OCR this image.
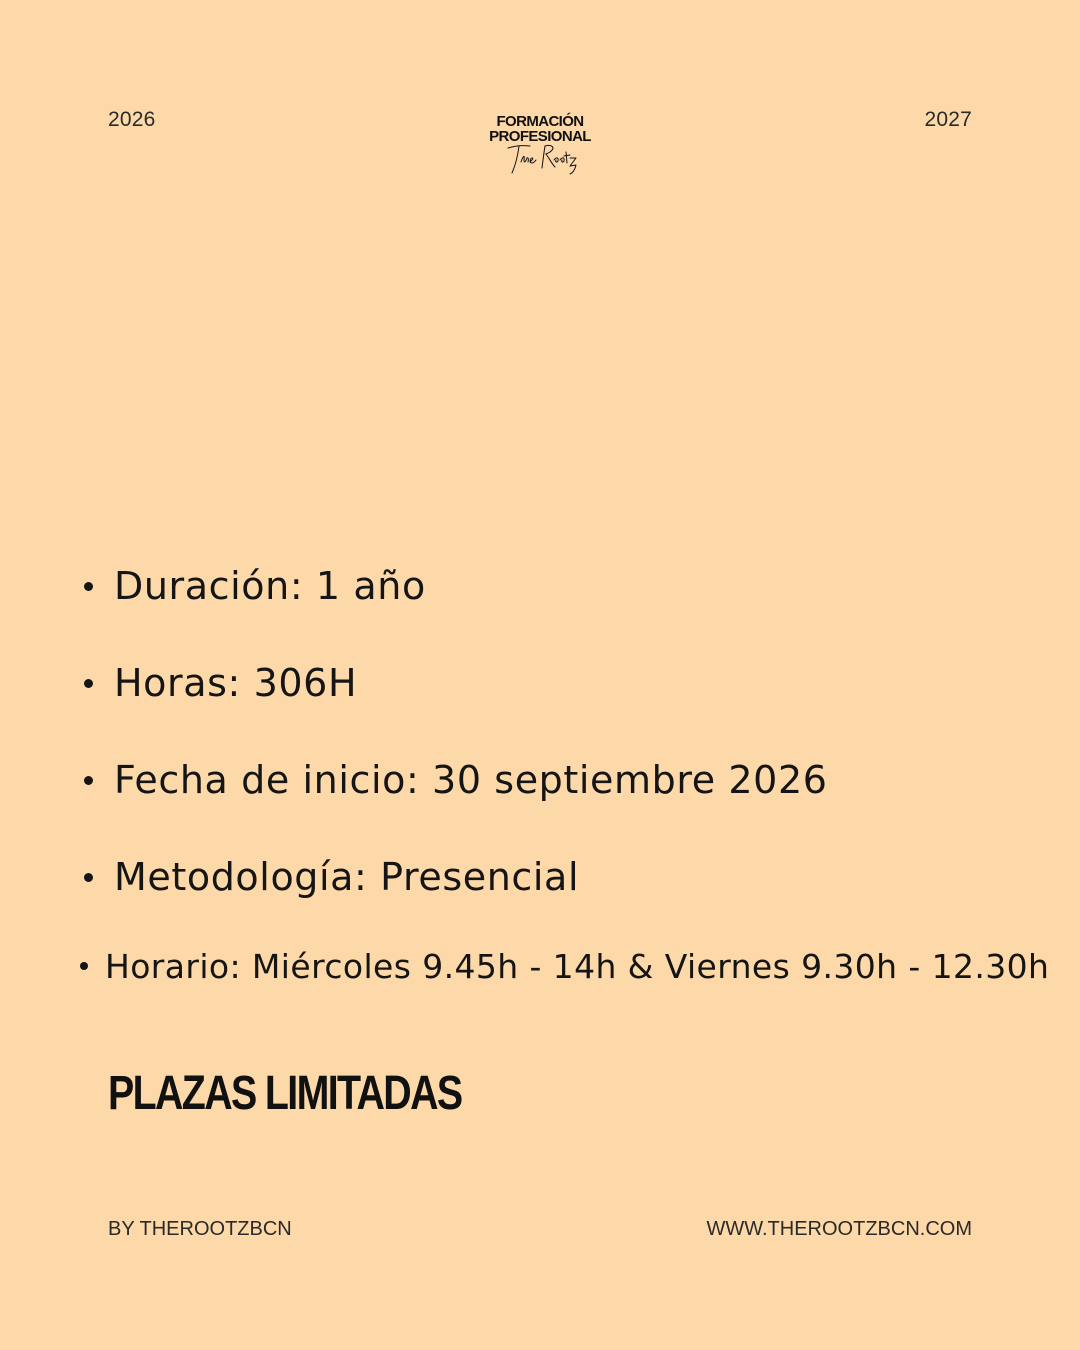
2026	2027
FORMACIÓN
PROFESIONAL
Duración: 1 año
Horas: 306H
Fecha de inicio: 30 septiembre 2026
Metodología: Presencial
Horario: Miércoles 9.45h - 14h & Viernes 9.30h - 12.30h
PLAZAS LIMITADAS
BY THEROOTZBCN	WWW.THEROOTZBCN.COM
